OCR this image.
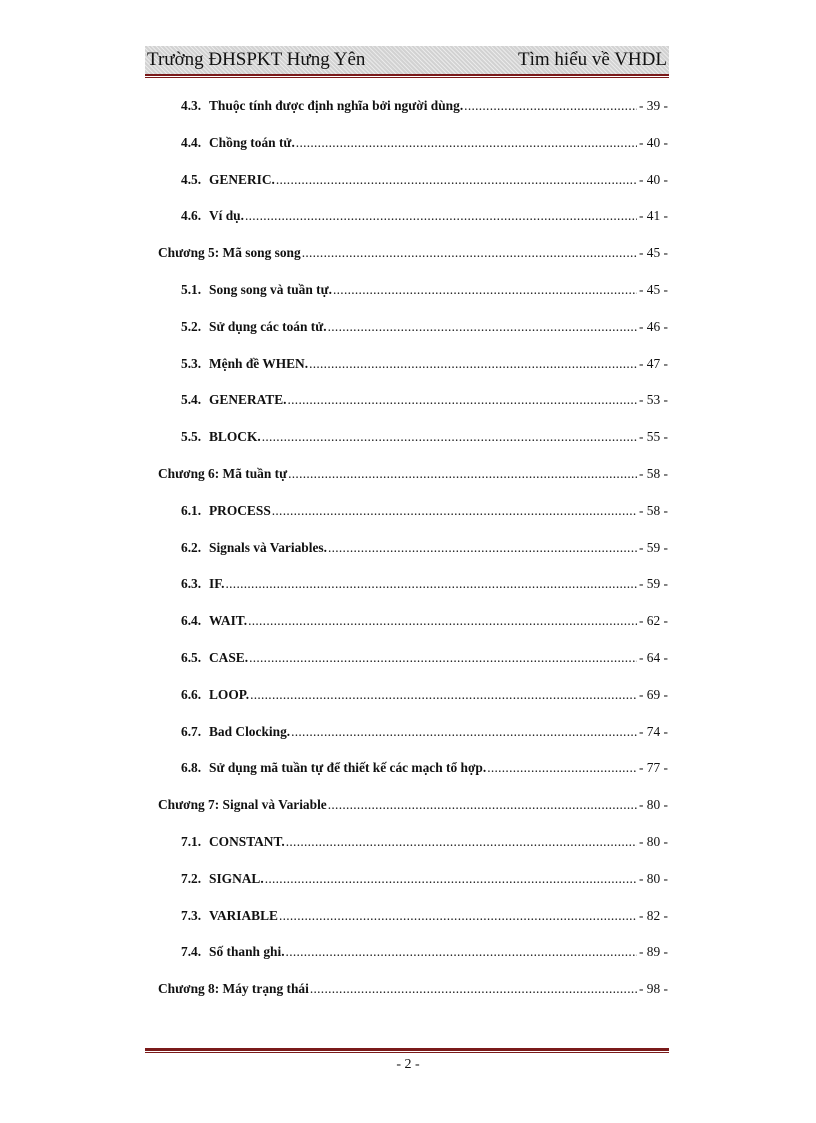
Trường ĐHSPKT Hưng Yên	Tìm hiểu về VHDL
4.3. Thuộc tính được định nghĩa bởi người dùng. .....	- 39 -
4.4. Chồng toán tử. .....	- 40 -
4.5. GENERIC. .....	- 40 -
4.6. Ví dụ. .....	- 41 -
Chương 5: Mã song song .....	- 45 -
5.1. Song song và tuần tự. .....	- 45 -
5.2. Sử dụng các toán tử. .....	- 46 -
5.3. Mệnh đề WHEN. .....	- 47 -
5.4. GENERATE. .....	- 53 -
5.5. BLOCK. .....	- 55 -
Chương 6: Mã tuần tự .....	- 58 -
6.1. PROCESS .....	- 58 -
6.2. Signals và Variables. .....	- 59 -
6.3. IF. .....	- 59 -
6.4. WAIT. .....	- 62 -
6.5. CASE. .....	- 64 -
6.6. LOOP. .....	- 69 -
6.7. Bad Clocking. .....	- 74 -
6.8. Sử dụng mã tuần tự để thiết kế các mạch tổ hợp. .....	- 77 -
Chương 7: Signal và Variable .....	- 80 -
7.1. CONSTANT. .....	- 80 -
7.2. SIGNAL. .....	- 80 -
7.3. VARIABLE .....	- 82 -
7.4. Số thanh ghi. .....	- 89 -
Chương 8: Máy trạng thái .....	- 98 -
- 2 -
